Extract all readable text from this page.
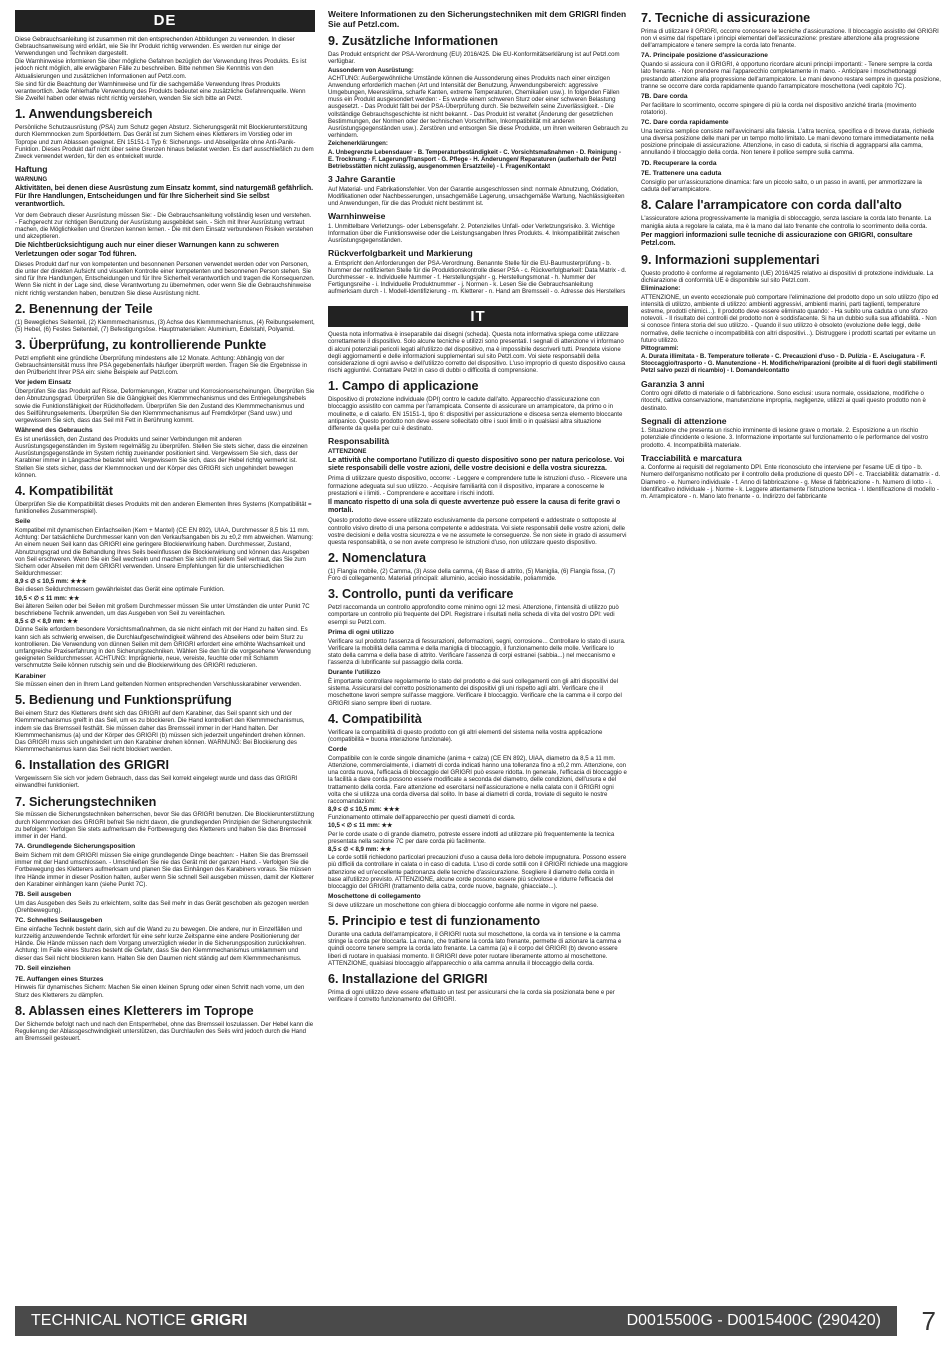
DE

Diese Gebrauchsanleitung ist zusammen mit den entsprechenden Abbildungen zu verwenden. In dieser Gebrauchsanweisung wird erklärt, wie Sie Ihr Produkt richtig verwenden. Es werden nur einige der Verwendungen und Techniken dargestellt.

Die Warnhinweise informieren Sie über mögliche Gefahren bezüglich der Verwendung Ihres Produkts. Es ist jedoch nicht möglich, alle erwägbaren Fälle zu beschreiben. Bitte nehmen Sie Kenntnis von den Aktualisierungen und zusätzlichen Informationen auf Petzl.com.

Sie sind für die Beachtung der Warnhinweise und für die sachgemäße Verwendung Ihres Produkts verantwortlich. Jede fehlerhafte Verwendung des Produkts bedeutet eine zusätzliche Gefahrenquelle. Wenn Sie Zweifel haben oder etwas nicht richtig verstehen, wenden Sie sich bitte an Petzl.

1. Anwendungsbereich

Persönliche Schutzausrüstung (PSA) zum Schutz gegen Absturz. Sicherungsgerät mit Blockierunterstützung durch Klemmnocken zum Sportklettern. Das Gerät ist zum Sichern eines Kletterers im Vorstieg oder im Toprope und zum Ablassen geeignet. EN 15151-1 Typ 6: Sicherungs- und Abseilgeräte ohne Anti-Panik-Funktion. Dieses Produkt darf nicht über seine Grenzen hinaus belastet werden. Es darf ausschließlich zu dem Zweck verwendet werden, für den es entwickelt wurde.

Haftung

WARNUNG

Aktivitäten, bei denen diese Ausrüstung zum Einsatz kommt, sind naturgemäß gefährlich. Für Ihre Handlungen, Entscheidungen und für Ihre Sicherheit sind Sie selbst verantwortlich.

Vor dem Gebrauch dieser Ausrüstung müssen Sie: - Die Gebrauchsanleitung vollständig lesen und verstehen. - Fachgerecht zur richtigen Benutzung der Ausrüstung ausgebildet sein. - Sich mit Ihrer Ausrüstung vertraut machen, die Möglichkeiten und Grenzen kennen lernen. - Die mit dem Einsatz verbundenen Risiken verstehen und akzeptieren.

Die Nichtberücksichtigung auch nur einer dieser Warnungen kann zu schweren Verletzungen oder sogar Tod führen.

Dieses Produkt darf nur von kompetenten und besonnenen Personen verwendet werden oder von Personen, die unter der direkten Aufsicht und visuellen Kontrolle einer kompetenten und besonnenen Person stehen. Sie sind für Ihre Handlungen, Entscheidungen und für Ihre Sicherheit verantwortlich und tragen die Konsequenzen. Wenn Sie nicht in der Lage sind, diese Verantwortung zu übernehmen, oder wenn Sie die Gebrauchshinweise nicht richtig verstanden haben, benutzen Sie diese Ausrüstung nicht.

2. Benennung der Teile

(1) Bewegliches Seitenteil, (2) Klemmmechanismus, (3) Achse des Klemmmechanismus, (4) Reibungselement, (5) Hebel, (6) Festes Seitenteil, (7) Befestigungsöse. Hauptmaterialien: Aluminium, Edelstahl, Polyamid.

3. Überprüfung, zu kontrollierende Punkte

Petzl empfiehlt eine gründliche Überprüfung mindestens alle 12 Monate. Achtung: Abhängig von der Gebrauchsintensität muss Ihre PSA gegebenenfalls häufiger überprüft werden. Tragen Sie die Ergebnisse in den Prüfbericht Ihrer PSA ein: siehe Beispiele auf Petzl.com.

Vor jedem Einsatz

Überprüfen Sie das Produkt auf Risse, Deformierungen, Kratzer und Korrosionserscheinungen. Überprüfen Sie den Abnutzungsgrad. Überprüfen Sie die Gängigkeit des Klemmmechanismus und des Entriegelungshebels sowie die Funktionsfähigkeit der Rückholfedern. Überprüfen Sie den Zustand des Klemmmechanismus und des Seilführungselements. Überprüfen Sie den Klemmmechanismus auf Fremdkörper (Sand usw.) und vergewissern Sie sich, dass das Seil mit Fett in Berührung kommt.

Während des Gebrauchs

Es ist unerlässlich, den Zustand des Produkts und seiner Verbindungen mit anderen Ausrüstungsgegenständen im System regelmäßig zu überprüfen. Stellen Sie stets sicher, dass die einzelnen Ausrüstungsgegenstände im System richtig zueinander positioniert sind. Vergewissern Sie sich, dass der Karabiner immer in Längsachse belastet wird. Vergewissern Sie sich, dass der Hebel richtig vermerkt ist. Stellen Sie stets sicher, dass der Klemmnocken und der Körper des GRIGRI sich ungehindert bewegen können.

4. Kompatibilität

Überprüfen Sie die Kompatibilität dieses Produkts mit den anderen Elementen Ihres Systems (Kompatibilität = funktionelles Zusammenspiel).

Seile

Kompatibel mit dynamischen Einfachseilen (Kern + Mantel) (CE EN 892), UIAA, Durchmesser 8,5 bis 11 mm. Achtung: Der tatsächliche Durchmesser kann von den Verkaufsangaben bis zu ±0,2 mm abweichen. Warnung: An einem neuen Seil kann das GRIGRI eine geringere Blockierwirkung haben. Durchmesser, Zustand, Abnutzungsgrad und die Behandlung Ihres Seils beeinflussen die Blockierwirkung und können das Ausgeben von Seil erschweren. Wenn Sie ein Seil wechseln und machen Sie sich mit jedem Seil vertraut, das Sie zum Sichern oder Abseilen mit dem GRIGRI verwenden. Unsere Empfehlungen für die unterschiedlichen Seildurchmesser:

8,9 ≤ ∅ ≤ 10,5 mm: ★★★

Bei diesen Seildurchmessern gewährleistet das Gerät eine optimale Funktion.

10,5 < ∅ ≤ 11 mm: ★★

Bei älteren Seilen oder bei Seilen mit großem Durchmesser müssen Sie unter Umständen die unter Punkt 7C beschriebene Technik anwenden, um das Ausgeben von Seil zu vereinfachen.

8,5 ≤ ∅ < 8,9 mm: ★★

Dünne Seile erfordern besondere Vorsichtsmaßnahmen, da sie nicht einfach mit der Hand zu halten sind. Es kann sich als schwierig erweisen, die Durchlaufgeschwindigkeit während des Abseilens oder beim Sturz zu kontrollieren. Die Verwendung von dünnen Seilen mit dem GRIGRI erfordert eine erhöhte Wachsamkeit und umfangreiche Praxiserfahrung in den Sicherungstechniken. Wählen Sie den für die vorgesehene Verwendung geeigneten Seildurchmesser. ACHTUNG: Imprägnierte, neue, vereiste, feuchte oder mit Schlamm verschmutzte Seile können rutschig sein und die Blockierwirkung des GRIGRI reduzieren.

Karabiner

Sie müssen einen den in Ihrem Land geltenden Normen entsprechenden Verschlusskarabiner verwenden.

5. Bedienung und Funktionsprüfung

Bei einem Sturz des Kletterers dreht sich das GRIGRI auf dem Karabiner, das Seil spannt sich und der Klemmmechanismus greift in das Seil, um es zu blockieren. Die Hand kontrolliert den Klemmmechanismus, indem sie das Bremsseil festhält. Sie müssen daher das Bremsseil immer in der Hand halten. Der Klemmmechanismus (a) und der Körper des GRIGRI (b) müssen sich jederzeit ungehindert drehen können. Das GRIGRI muss sich ungehindert um den Karabiner drehen können. WARNUNG: Bei Blockierung des Klemmmechanismus kann das Seil nicht blockiert werden.

6. Installation des GRIGRI

Vergewissern Sie sich vor jedem Gebrauch, dass das Seil korrekt eingelegt wurde und dass das GRIGRI einwandfrei funktioniert.

7. Sicherungstechniken

Sie müssen die Sicherungstechniken beherrschen, bevor Sie das GRIGRI benutzen. Die Blockierunterstützung durch Klemmnocken des GRIGRI befreit Sie nicht davon, die grundlegenden Prinzipien der Sicherungstechnik zu befolgen: Verfolgen Sie stets aufmerksam die Fortbewegung des Kletterers und halten Sie das Bremsseil immer in der Hand.

7A. Grundlegende Sicherungsposition

Beim Sichern mit dem GRIGRI müssen Sie einige grundlegende Dinge beachten: - Halten Sie das Bremsseil immer mit der Hand umschlossen. - Umschließen Sie nie das Gerät mit der ganzen Hand. - Verfolgen Sie die Fortbewegung des Kletterers aufmerksam und planen Sie das Einhängen des Karabiners voraus. Sie müssen Ihre Hände immer in dieser Position halten, außer wenn Sie schnell Seil ausgeben müssen, damit der Kletterer den Karabiner einhängen kann (siehe Punkt 7C).

7B. Seil ausgeben

Um das Ausgeben des Seils zu erleichtern, sollte das Seil mehr in das Gerät geschoben als gezogen werden (Drehbewegung).

7C. Schnelles Seilausgeben

Eine einfache Technik besteht darin, sich auf die Wand zu zu bewegen. Die andere, nur in Einzelfällen und kurzzeitig anzuwendende Technik erfordert für eine sehr kurze Zeitspanne eine andere Positionierung der Hände. Die Hände müssen nach dem Vorgang unverzüglich wieder in die Sicherungsposition zurückkehren. Achtung: Im Falle eines Sturzes besteht die Gefahr, dass Sie den Klemmmechanismus umklammern und dieser das Seil nicht blockieren kann. Halten Sie den Daumen nicht ständig auf dem Klemmmechanismus.

7D. Seil einziehen
7E. Auffangen eines Sturzes

Hinweis für dynamisches Sichern: Machen Sie einen kleinen Sprung oder einen Schritt nach vorne, um den Sturz des Kletterers zu dämpfen.

8. Ablassen eines Kletterers im Toprope

Der Sichernde befolgt nach und nach den Entsperrhebel, ohne das Bremsseil loszulassen. Der Hebel kann die Regulierung der Ablassgeschwindigkeit unterstützen, das Durchlaufen des Seils wird jedoch durch die Hand am Bremsseil gesteuert.

Weitere Informationen zu den Sicherungstechniken mit dem GRIGRI finden Sie auf Petzl.com.

9. Zusätzliche Informationen

Das Produkt entspricht der PSA-Verordnung (EU) 2016/425. Die EU-Konformitätserklärung ist auf Petzl.com verfügbar.

Aussondern von Ausrüstung:

ACHTUNG: Außergewöhnliche Umstände können die Aussonderung eines Produkts nach einer einzigen Anwendung erforderlich machen (Art und Intensität der Benutzung, Anwendungsbereich: aggressive Umgebungen, Meeresklima, scharfe Kanten, extreme Temperaturen, Chemikalien usw.). In folgenden Fällen muss ein Produkt ausgesondert werden: - Es wurde einem schweren Sturz oder einer schweren Belastung ausgesetzt. - Das Produkt fällt bei der PSA-Überprüfung durch. Sie bezweifeln seine Zuverlässigkeit. - Die vollständige Gebrauchsgeschichte ist nicht bekannt. - Das Produkt ist veraltet (Änderung der gesetzlichen Bestimmungen, der Normen oder der technischen Vorschriften, Inkompatibilität mit anderen Ausrüstungsgegenständen usw.). Zerstören und entsorgen Sie diese Produkte, um ihren weiteren Gebrauch zu verhindern.

Zeichenerklärungen:

A. Unbegrenzte Lebensdauer - B. Temperaturbeständigkeit - C. Vorsichtsmaßnahmen - D. Reinigung - E. Trocknung - F. Lagerung/Transport - G. Pflege - H. Änderungen/ Reparaturen (außerhalb der Petzl Betriebsstätten nicht zulässig, ausgenommen Ersatzteile) - I. Fragen/Kontakt

3 Jahre Garantie

Auf Material- und Fabrikationsfehler. Von der Garantie ausgeschlossen sind: normale Abnutzung, Oxidation, Modifikationen oder Nachbesserungen, unsachgemäße Lagerung, unsachgemäße Wartung, Nachlässigkeiten und Anwendungen, für die das Produkt nicht bestimmt ist.

Warnhinweise

1. Unmittelbare Verletzungs- oder Lebensgefahr. 2. Potenzielles Unfall- oder Verletzungsrisiko. 3. Wichtige Information über die Funktionsweise oder die Leistungsangaben Ihres Produkts. 4. Inkompatibilität zwischen Ausrüstungsgegenständen.

Rückverfolgbarkeit und Markierung

a. Entspricht den Anforderungen der PSA-Verordnung. Benannte Stelle für die EU-Baumusterprüfung - b. Nummer der notifizierten Stelle für die Produktionskontrolle dieser PSA - c. Rückverfolgbarkeit: Data Matrix - d. Durchmesser - e. Individuelle Nummer - f. Herstellungsjahr - g. Herstellungsmonat - h. Nummer der Fertigungsreihe - i. Individuelle Produktnummer - j. Normen - k. Lesen Sie die Gebrauchsanleitung aufmerksam durch - l. Modell-Identifizierung - m. Kletterer - n. Hand am Bremsseil - o. Adresse des Herstellers

IT

Questa nota informativa è inseparabile dai disegni (scheda). Questa nota informativa spiega come utilizzare correttamente il dispositivo. Solo alcune tecniche e utilizzi sono presentati. I segnali di attenzione vi informano di alcuni potenziali pericoli legati all'utilizzo del dispositivo, ma è impossibile descriverli tutti. Prendete visione degli aggiornamenti e delle informazioni supplementari sul sito Petzl.com. Voi siete responsabili della considerazione di ogni avviso e dell'utilizzo corretto del dispositivo. L'uso improprio di questo dispositivo causa rischi aggiuntivi. Contattare Petzl in caso di dubbi o difficoltà di comprensione.

1. Campo di applicazione

Dispositivo di protezione individuale (DPI) contro le cadute dall'alto. Apparecchio d'assicurazione con bloccaggio assistito con camma per l'arrampicata. Consente di assicurare un arrampicatore, da primo o in moulinette, e di calarlo. EN 15151-1, tipo 6: dispositivi per assicurazione e discesa senza elemento bloccante antipanico. Questo prodotto non deve essere sollecitato oltre i suoi limiti o in qualsiasi altra situazione differente da quella per cui è destinato.

Responsabilità

ATTENZIONE

Le attività che comportano l'utilizzo di questo dispositivo sono per natura pericolose. Voi siete responsabili delle vostre azioni, delle vostre decisioni e della vostra sicurezza.

Prima di utilizzare questo dispositivo, occorre: - Leggere e comprendere tutte le istruzioni d'uso. - Ricevere una formazione adeguata sul suo utilizzo. - Acquisire familiarità con il dispositivo, imparare a conoscerne le prestazioni e i limiti. - Comprendere e accettare i rischi indotti.

Il mancato rispetto di una sola di queste avvertenze può essere la causa di ferite gravi o mortali.

Questo prodotto deve essere utilizzato esclusivamente da persone competenti e addestrate o sottoposte al controllo visivo diretto di una persona competente e addestrata. Voi siete responsabili delle vostre azioni, delle vostre decisioni e della vostra sicurezza e ve ne assumete le conseguenze. Se non siete in grado di assumervi questa responsabilità, o se non avete compreso le istruzioni d'uso, non utilizzare questo dispositivo.

2. Nomenclatura

(1) Flangia mobile, (2) Camma, (3) Asse della camma, (4) Base di attrito, (5) Maniglia, (6) Flangia fissa, (7) Foro di collegamento. Materiali principali: alluminio, acciaio inossidabile, poliammide.

3. Controllo, punti da verificare

Petzl raccomanda un controllo approfondito come minimo ogni 12 mesi. Attenzione, l'intensità di utilizzo può comportare un controllo più frequente del DPI. Registrare i risultati nella scheda di vita del vostro DPI: vedi esempi su Petzl.com.

Prima di ogni utilizzo

Verificare sul prodotto l'assenza di fessurazioni, deformazioni, segni, corrosione... Controllare lo stato di usura. Verificare la mobilità della camma e della maniglia di bloccaggio, il funzionamento delle molle. Verificare lo stato della camma e della base di attrito. Verificare l'assenza di corpi estranei (sabbia...) nel meccanismo e l'assenza di lubrificante sul passaggio della corda.

Durante l'utilizzo

È importante controllare regolarmente lo stato del prodotto e dei suoi collegamenti con gli altri dispositivi del sistema. Assicurarsi del corretto posizionamento dei dispositivi gli uni rispetto agli altri. Verificare che il moschettone lavori sempre sull'asse maggiore. Verificare il bloccaggio. Verificare che la camma e il corpo del GRIGRI siano sempre liberi di ruotare.

4. Compatibilità

Verificare la compatibilità di questo prodotto con gli altri elementi del sistema nella vostra applicazione (compatibilità = buona interazione funzionale).

Corde

Compatibile con le corde singole dinamiche (anima + calza) (CE EN 892), UIAA, diametro da 8,5 a 11 mm. Attenzione, commercialmente, i diametri di corda indicati hanno una tolleranza fino a ±0,2 mm. Attenzione, con una corda nuova, l'efficacia di bloccaggio del GRIGRI può essere ridotta. In generale, l'efficacia di bloccaggio e la facilità a dare corda possono essere modificate a seconda del diametro, delle condizioni, dell'usura e del trattamento della corda. Fare attenzione ed esercitarsi nell'assicurazione e nella calata con il GRIGRI ogni volta che si utilizza una corda diversa dal solito. In base ai diametri di corda, troviate di seguito le nostre raccomandazioni:

8,9 ≤ ∅ ≤ 10,5 mm: ★★★

Funzionamento ottimale dell'apparecchio per questi diametri di corda.

10,5 < ∅ ≤ 11 mm: ★★

Per le corde usate o di grande diametro, potreste essere indotti ad utilizzare più frequentemente la tecnica presentata nella sezione 7C per dare corda più facilmente.

8,5 ≤ ∅ < 8,9 mm: ★★

Le corde sottili richiedono particolari precauzioni d'uso a causa della loro debole impugnatura. Possono essere più difficili da controllare in calata o in caso di caduta. L'uso di corde sottili con il GRIGRI richiede una maggiore attenzione ed un'eccellente padronanza delle tecniche d'assicurazione. Scegliere il diametro della corda in base all'utilizzo previsto. ATTENZIONE, alcune corde possono essere più scivolose e ridurre l'efficacia del bloccaggio del GRIGRI (trattamento della calza, corde nuove, bagnate, ghiacciate...).

Moschettone di collegamento

Si deve utilizzare un moschettone con ghiera di bloccaggio conforme alle norme in vigore nel paese.

5. Principio e test di funzionamento

Durante una caduta dell'arrampicatore, il GRIGRI ruota sul moschettone, la corda va in tensione e la camma stringe la corda per bloccarla. La mano, che trattiene la corda lato frenante, permette di azionare la camma e quindi occorre tenere sempre la corda lato frenante. La camma (a) e il corpo del GRIGRI (b) devono essere liberi di ruotare in qualsiasi momento. Il GRIGRI deve poter ruotare liberamente attorno al moschettone. ATTENZIONE, qualsiasi bloccaggio all'apparecchio o alla camma annulla il bloccaggio della corda.

6. Installazione del GRIGRI

Prima di ogni utilizzo deve essere effettuato un test per assicurarsi che la corda sia posizionata bene e per verificare il corretto funzionamento del GRIGRI.

7. Tecniche di assicurazione

Prima di utilizzare il GRIGRI, occorre conoscere le tecniche d'assicurazione. Il bloccaggio assistito del GRIGRI non vi esime dal rispettare i principi elementari dell'assicurazione: prestare attenzione alla progressione dell'arrampicatore e tenere sempre la corda lato frenante.

7A. Principale posizione d'assicurazione

Quando si assicura con il GRIGRI, è opportuno ricordare alcuni principi importanti: - Tenere sempre la corda lato frenante. - Non prendere mai l'apparecchio completamente in mano. - Anticipare i moschettonaggi prestando attenzione alla progressione dell'arrampicatore. Le mani devono restare sempre in questa posizione, tranne se occorre dare corda rapidamente quando l'arrampicatore moschettona (vedi capitolo 7C).

7B. Dare corda

Per facilitare lo scorrimento, occorre spingere di più la corda nel dispositivo anziché tirarla (movimento rotatorio).

7C. Dare corda rapidamente

Una tecnica semplice consiste nell'avvicinarsi alla falesia. L'altra tecnica, specifica e di breve durata, richiede una diversa posizione delle mani per un tempo molto limitato. Le mani devono tornare immediatamente nella posizione principale di assicurazione. Attenzione, in caso di caduta, si rischia di aggrapparsi alla camma, annullando il bloccaggio della corda. Non tenere il pollice sempre sulla camma.

7D. Recuperare la corda
7E. Trattenere una caduta

Consiglio per un'assicurazione dinamica: fare un piccolo salto, o un passo in avanti, per ammortizzare la caduta dell'arrampicatore.

8. Calare l'arrampicatore con corda dall'alto

L'assicuratore aziona progressivamente la maniglia di sbloccaggio, senza lasciare la corda lato frenante. La maniglia aiuta a regolare la calata, ma è la mano dal lato frenante che controlla lo scorrimento della corda.

Per maggiori informazioni sulle tecniche di assicurazione con GRIGRI, consultare Petzl.com.

9. Informazioni supplementari

Questo prodotto è conforme al regolamento (UE) 2016/425 relativo ai dispositivi di protezione individuale. La dichiarazione di conformità UE è disponibile sul sito Petzl.com.

Eliminazione:

ATTENZIONE, un evento eccezionale può comportare l'eliminazione del prodotto dopo un solo utilizzo (tipo ed intensità di utilizzo, ambiente di utilizzo: ambienti aggressivi, ambienti marini, parti taglienti, temperature estreme, prodotti chimici...). Il prodotto deve essere eliminato quando: - Ha subito una caduta o uno sforzo notevoli. - Il risultato dei controlli del prodotto non è soddisfacente. Si ha un dubbio sulla sua affidabilità. - Non si conosce l'intera storia del suo utilizzo. - Quando il suo utilizzo è obsoleto (evoluzione delle leggi, delle normative, delle tecniche o incompatibilità con altri dispositivi...). Distruggere i prodotti scartati per evitarne un futuro utilizzo.

Pittogrammi:

A. Durata illimitata - B. Temperature tollerate - C. Precauzioni d'uso - D. Pulizia - E. Asciugatura - F. Stoccaggio/trasporto - G. Manutenzione - H. Modifiche/riparazioni (proibite al di fuori degli stabilimenti Petzl salvo pezzi di ricambio) - I. Domande/contatto

Garanzia 3 anni

Contro ogni difetto di materiale o di fabbricazione. Sono esclusi: usura normale, ossidazione, modifiche o ritocchi, cattiva conservazione, manutenzione impropria, negligenze, utilizzi ai quali questo prodotto non è destinato.

Segnali di attenzione

1. Situazione che presenta un rischio imminente di lesione grave o mortale. 2. Esposizione a un rischio potenziale d'incidente o lesione. 3. Informazione importante sul funzionamento o le performance del vostro prodotto. 4. Incompatibilità materiale.

Tracciabilità e marcatura

a. Conforme ai requisiti del regolamento DPI. Ente riconosciuto che interviene per l'esame UE di tipo - b. Numero dell'organismo notificato per il controllo della produzione di questo DPI - c. Tracciabilità: datamatrix - d. Diametro - e. Numero individuale - f. Anno di fabbricazione - g. Mese di fabbricazione - h. Numero di lotto - i. Identificativo individuale - j. Norme - k. Leggere attentamente l'istruzione tecnica - l. Identificazione di modello - m. Arrampicatore - n. Mano lato frenante - o. Indirizzo del fabbricante

TECHNICAL NOTICE GRIGRI	D0015500G - D0015400C (290420) 7
